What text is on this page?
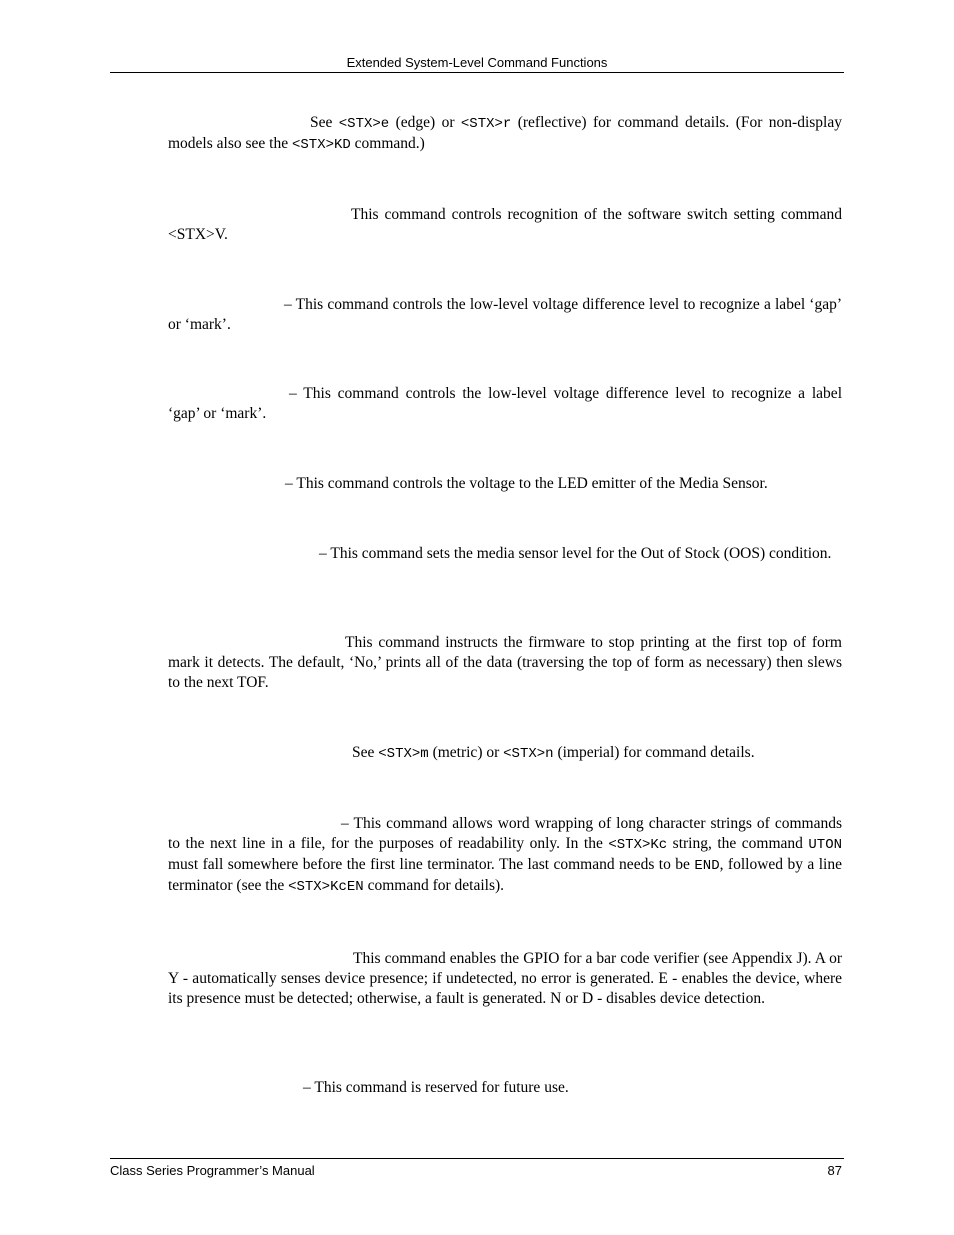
Extended System-Level Command Functions
See <STX>e (edge) or <STX>r (reflective) for command details. (For non-display models also see the <STX>KD command.)
This command controls recognition of the software switch setting command <STX>V.
– This command controls the low-level voltage difference level to recognize a label ‘gap’ or ‘mark’.
– This command controls the low-level voltage difference level to recognize a label ‘gap’ or ‘mark’.
– This command controls the voltage to the LED emitter of the Media Sensor.
– This command sets the media sensor level for the Out of Stock (OOS) condition.
This command instructs the firmware to stop printing at the first top of form mark it detects. The default, ‘No,’ prints all of the data (traversing the top of form as necessary) then slews to the next TOF.
See <STX>m (metric) or <STX>n (imperial) for command details.
– This command allows word wrapping of long character strings of commands to the next line in a file, for the purposes of readability only. In the <STX>Kc string, the command UTON must fall somewhere before the first line terminator. The last command needs to be END, followed by a line terminator (see the <STX>KcEN command for details).
This command enables the GPIO for a bar code verifier (see Appendix J). A or Y - automatically senses device presence; if undetected, no error is generated. E - enables the device, where its presence must be detected; otherwise, a fault is generated. N or D - disables device detection.
– This command is reserved for future use.
Class Series Programmer’s Manual	87
